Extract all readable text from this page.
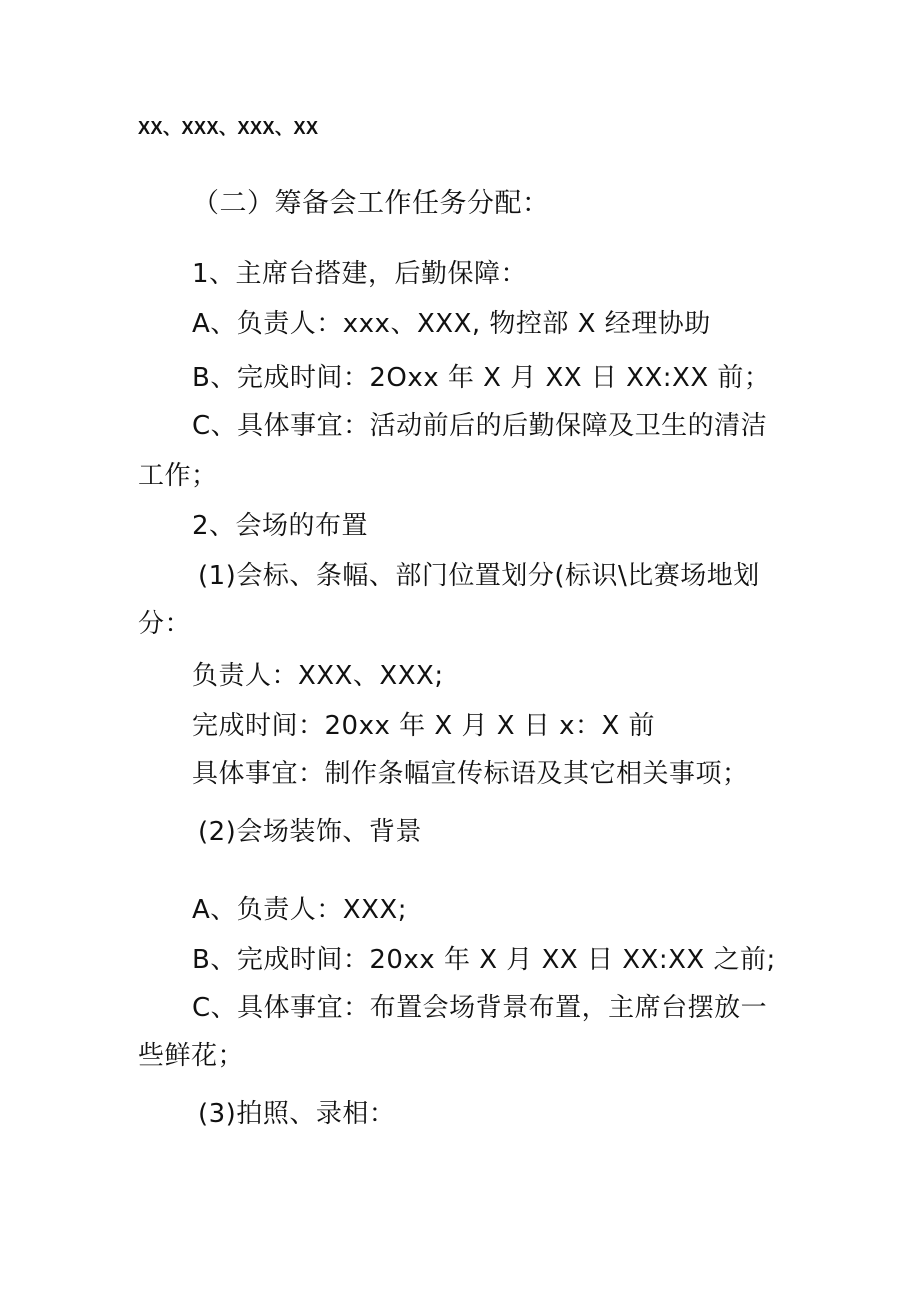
XX、XXX、XXX、XX
（二）筹备会工作任务分配：
1、主席台搭建，后勤保障：
A、负责人：xxx、XXX, 物控部 X 经理协助
B、完成时间：2Oxx 年 X 月 XX 日 XX:XX 前；
C、具体事宜：活动前后的后勤保障及卫生的清洁
工作；
2、会场的布置
(1)会标、条幅、部门位置划分(标识\比赛场地划
分：
负责人：XXX、XXX;
完成时间：20xx 年 X 月 X 日 x：X 前
具体事宜：制作条幅宣传标语及其它相关事项；
(2)会场装饰、背景
A、负责人：XXX;
B、完成时间：20xx 年 X 月 XX 日 XX:XX 之前;
C、具体事宜：布置会场背景布置，主席台摆放一
些鲜花；
(3)拍照、录相：
